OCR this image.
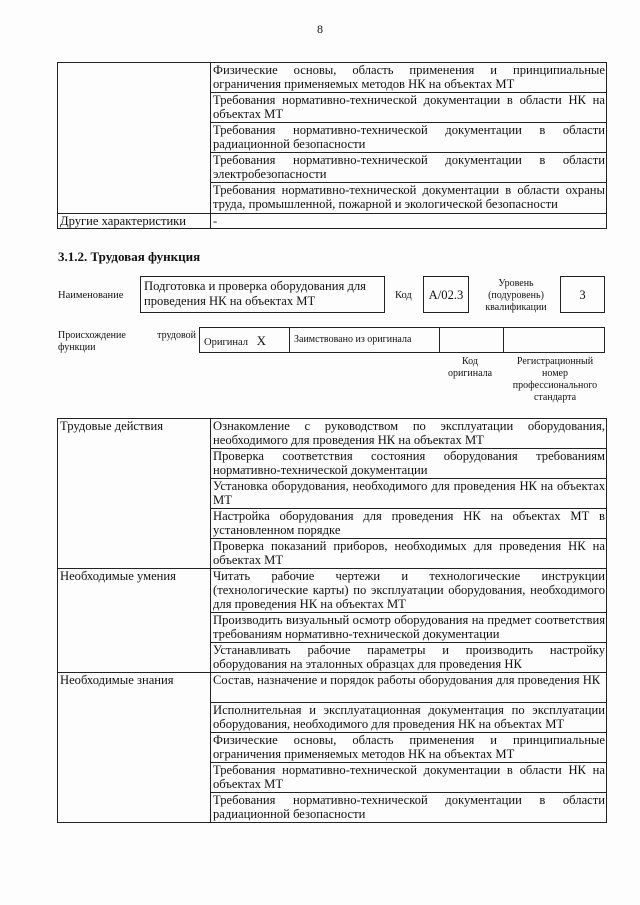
8
	Физические основы, область применения и принципиальные ограничения применяемых методов НК на объектах МТ
	Требования нормативно-технической документации в области НК на объектах МТ
	Требования нормативно-технической документации в области радиационной безопасности
	Требования нормативно-технической документации в области электробезопасности
	Требования нормативно-технической документации в области охраны труда, промышленной, пожарной и экологической безопасности
Другие характеристики	-
3.1.2. Трудовая функция
Наименование
Подготовка и проверка оборудования для проведения НК на объектах МТ	Код	А/02.3
Уровень (подуровень) квалификации
3
Происхождение трудовой функции	Оригинал X	Заимствовано из оригинала
Код оригинала
Регистрационный номер профессионального стандарта
Трудовые действия	Ознакомление с руководством по эксплуатации оборудования, необходимого для проведения НК на объектах МТ
	Проверка соответствия состояния оборудования требованиям нормативно-технической документации
	Установка оборудования, необходимого для проведения НК на объектах МТ
	Настройка оборудования для проведения НК на объектах МТ в установленном порядке
	Проверка показаний приборов, необходимых для проведения НК на объектах МТ
Необходимые умения	Читать рабочие чертежи и технологические инструкции (технологические карты) по эксплуатации оборудования, необходимого для проведения НК на объектах МТ
	Производить визуальный осмотр оборудования на предмет соответствия требованиям нормативно-технической документации
	Устанавливать рабочие параметры и производить настройку оборудования на эталонных образцах для проведения НК
Необходимые знания	Состав, назначение и порядок работы оборудования для проведения НК
	Исполнительная и эксплуатационная документация по эксплуатации оборудования, необходимого для проведения НК на объектах МТ
	Физические основы, область применения и принципиальные ограничения применяемых методов НК на объектах МТ
	Требования нормативно-технической документации в области НК на объектах МТ
	Требования нормативно-технической документации в области радиационной безопасности
